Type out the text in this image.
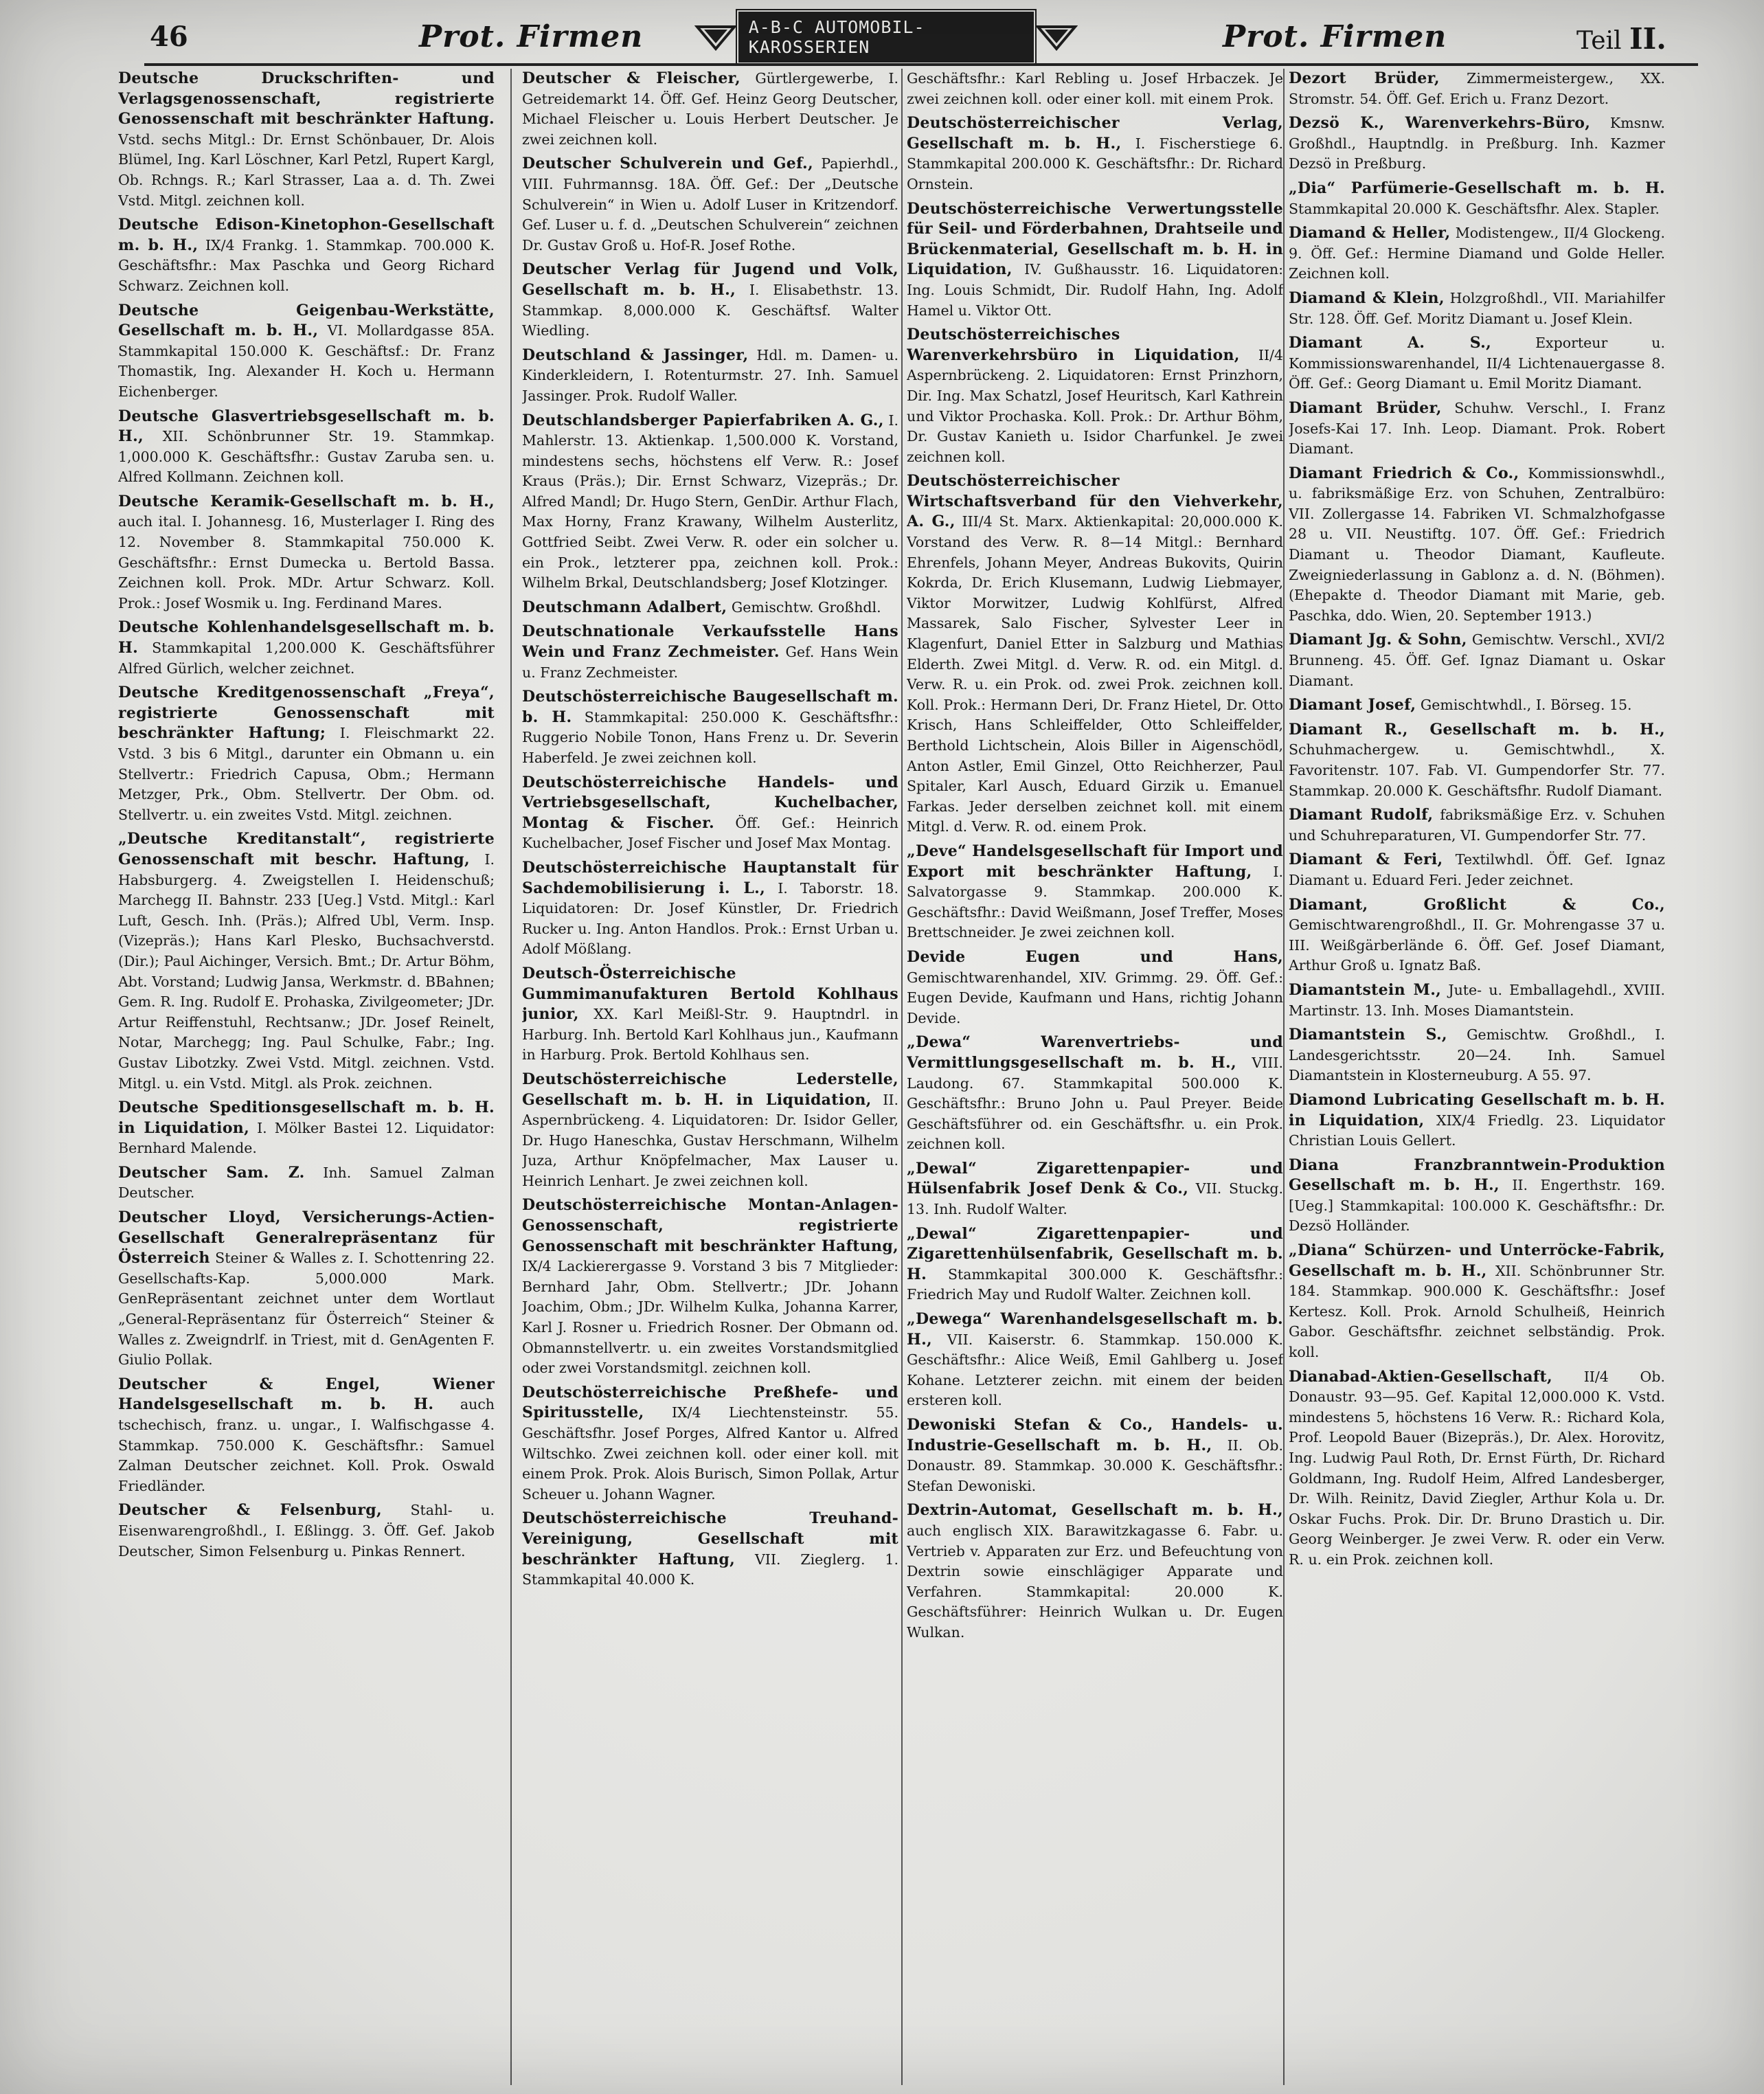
46	Prot. Firmen	A-B-C AUTOMOBIL-KAROSSERIEN	Prot. Firmen	Teil II.

Deutsche Druckschriften- und Verlagsgenossenschaft, registrierte Genossenschaft mit beschränkter Haftung. Vstd. sechs Mitgl.: Dr. Ernst Schönbauer, Dr. Alois Blümel, Ing. Karl Löschner, Karl Petzl, Rupert Kargl, Ob. Rchngs. R.; Karl Strasser, Laa a. d. Th. Zwei Vstd. Mitgl. zeichnen koll.

Deutsche Edison-Kinetophon-Gesellschaft m. b. H., IX/4 Frankg. 1. Stammkap. 700.000 K. Geschäftsfhr.: Max Paschka und Georg Richard Schwarz. Zeichnen koll.

Deutsche Geigenbau-Werkstätte, Gesellschaft m. b. H., VI. Mollardgasse 85A. Stammkapital 150.000 K. Geschäftsf.: Dr. Franz Thomastik, Ing. Alexander H. Koch u. Hermann Eichenberger.

Deutsche Glasvertriebsgesellschaft m. b. H., XII. Schönbrunner Str. 19. Stammkap. 1,000.000 K. Geschäftsfhr.: Gustav Zaruba sen. u. Alfred Kollmann. Zeichnen koll.

Deutsche Keramik-Gesellschaft m. b. H., auch ital. I. Johannesg. 16, Musterlager I. Ring des 12. November 8. Stammkapital 750.000 K. Geschäftsfhr.: Ernst Dumecka u. Bertold Bassa. Zeichnen koll. Prok. MDr. Artur Schwarz. Koll. Prok.: Josef Wosmik u. Ing. Ferdinand Mares.

Deutsche Kohlenhandelsgesellschaft m. b. H. Stammkapital 1,200.000 K. Geschäftsführer Alfred Gürlich, welcher zeichnet.

Deutsche Kreditgenossenschaft „Freya“, registrierte Genossenschaft mit beschränkter Haftung; I. Fleischmarkt 22. Vstd. 3 bis 6 Mitgl., darunter ein Obmann u. ein Stellvertr.: Friedrich Capusa, Obm.; Hermann Metzger, Prk., Obm. Stellvertr. Der Obm. od. Stellvertr. u. ein zweites Vstd. Mitgl. zeichnen.

„Deutsche Kreditanstalt“, registrierte Genossenschaft mit beschr. Haftung, I. Habsburgerg. 4. Zweigstellen I. Heidenschuß; Marchegg II. Bahnstr. 233 [Ueg.] Vstd. Mitgl.: Karl Luft, Gesch. Inh. (Präs.); Alfred Ubl, Verm. Insp. (Vizepräs.); Hans Karl Plesko, Buchsachverstd. (Dir.); Paul Aichinger, Versich. Bmt.; Dr. Artur Böhm, Abt. Vorstand; Ludwig Jansa, Werkmstr. d. BBahnen; Gem. R. Ing. Rudolf E. Prohaska, Zivilgeometer; JDr. Artur Reiffenstuhl, Rechtsanw.; JDr. Josef Reinelt, Notar, Marchegg; Ing. Paul Schulke, Fabr.; Ing. Gustav Libotzky. Zwei Vstd. Mitgl. zeichnen. Vstd. Mitgl. u. ein Vstd. Mitgl. als Prok. zeichnen.

Deutsche Speditionsgesellschaft m. b. H. in Liquidation, I. Mölker Bastei 12. Liquidator: Bernhard Malende.

Deutscher Sam. Z. Inh. Samuel Zalman Deutscher.

Deutscher Lloyd, Versicherungs-Actien-Gesellschaft Generalrepräsentanz für Österreich Steiner & Walles z. I. Schottenring 22. Gesellschafts-Kap. 5,000.000 Mark. GenRepräsentant zeichnet unter dem Wortlaut „General-Repräsentanz für Österreich“ Steiner & Walles z. Zweigndrlf. in Triest, mit d. GenAgenten F. Giulio Pollak.

Deutscher & Engel, Wiener Handelsgesellschaft m. b. H. auch tschechisch, franz. u. ungar., I. Walfischgasse 4. Stammkap. 750.000 K. Geschäftsfhr.: Samuel Zalman Deutscher zeichnet. Koll. Prok. Oswald Friedländer.

Deutscher & Felsenburg, Stahl- u. Eisenwarengroßhdl., I. Eßlingg. 3. Öff. Gef. Jakob Deutscher, Simon Felsenburg u. Pinkas Rennert.

Deutscher & Fleischer, Gürtlergewerbe, I. Getreidemarkt 14. Öff. Gef. Heinz Georg Deutscher, Michael Fleischer u. Louis Herbert Deutscher. Je zwei zeichnen koll.

Deutscher Schulverein und Gef., Papierhdl., VIII. Fuhrmannsg. 18A. Öff. Gef.: Der „Deutsche Schulverein“ in Wien u. Adolf Luser in Kritzendorf. Gef. Luser u. f. d. „Deutschen Schulverein“ zeichnen Dr. Gustav Groß u. Hof-R. Josef Rothe.

Deutscher Verlag für Jugend und Volk, Gesellschaft m. b. H., I. Elisabethstr. 13. Stammkap. 8,000.000 K. Geschäftsf. Walter Wiedling.

Deutschland & Jassinger, Hdl. m. Damen- u. Kinderkleidern, I. Rotenturmstr. 27. Inh. Samuel Jassinger. Prok. Rudolf Waller.

Deutschlandsberger Papierfabriken A. G., I. Mahlerstr. 13. Aktienkap. 1,500.000 K. Vorstand, mindestens sechs, höchstens elf Verw. R.: Josef Kraus (Präs.); Dir. Ernst Schwarz, Vizepräs.; Dr. Alfred Mandl; Dr. Hugo Stern, GenDir. Arthur Flach, Max Horny, Franz Krawany, Wilhelm Austerlitz, Gottfried Seibt. Zwei Verw. R. oder ein solcher u. ein Prok., letzterer ppa, zeichnen koll. Prok.: Wilhelm Brkal, Deutschlandsberg; Josef Klotzinger.

Deutschmann Adalbert, Gemischtw. Großhdl.

Deutschnationale Verkaufsstelle Hans Wein und Franz Zechmeister. Gef. Hans Wein u. Franz Zechmeister.

Deutschösterreichische Baugesellschaft m. b. H. Stammkapital: 250.000 K. Geschäftsfhr.: Ruggerio Nobile Tonon, Hans Frenz u. Dr. Severin Haberfeld. Je zwei zeichnen koll.

Deutschösterreichische Handels- und Vertriebsgesellschaft, Kuchelbacher, Montag & Fischer. Öff. Gef.: Heinrich Kuchelbacher, Josef Fischer und Josef Max Montag.

Deutschösterreichische Hauptanstalt für Sachdemobilisierung i. L., I. Taborstr. 18. Liquidatoren: Dr. Josef Künstler, Dr. Friedrich Rucker u. Ing. Anton Handlos. Prok.: Ernst Urban u. Adolf Mößlang.

Deutsch-Österreichische Gummimanufakturen Bertold Kohlhaus junior, XX. Karl Meißl-Str. 9. Hauptndrl. in Harburg. Inh. Bertold Karl Kohlhaus jun., Kaufmann in Harburg. Prok. Bertold Kohlhaus sen.

Deutschösterreichische Lederstelle, Gesellschaft m. b. H. in Liquidation, II. Aspernbrückeng. 4. Liquidatoren: Dr. Isidor Geller, Dr. Hugo Haneschka, Gustav Herschmann, Wilhelm Juza, Arthur Knöpfelmacher, Max Lauser u. Heinrich Lenhart. Je zwei zeichnen koll.

Deutschösterreichische Montan-Anlagen-Genossenschaft, registrierte Genossenschaft mit beschränkter Haftung, IX/4 Lackierergasse 9. Vorstand 3 bis 7 Mitglieder: Bernhard Jahr, Obm. Stellvertr.; JDr. Johann Joachim, Obm.; JDr. Wilhelm Kulka, Johanna Karrer, Karl J. Rosner u. Friedrich Rosner. Der Obmann od. Obmannstellvertr. u. ein zweites Vorstandsmitglied oder zwei Vorstandsmitgl. zeichnen koll.

Deutschösterreichische Preßhefe- und Spiritusstelle, IX/4 Liechtensteinstr. 55. Geschäftsfhr. Josef Porges, Alfred Kantor u. Alfred Wiltschko. Zwei zeichnen koll. oder einer koll. mit einem Prok. Prok. Alois Burisch, Simon Pollak, Artur Scheuer u. Johann Wagner.

Deutschösterreichische Treuhand-Vereinigung, Gesellschaft mit beschränkter Haftung, VII. Zieglerg. 1. Stammkapital 40.000 K.

Geschäftsfhr.: Karl Rebling u. Josef Hrbaczek. Je zwei zeichnen koll. oder einer koll. mit einem Prok.

Deutschösterreichischer Verlag, Gesellschaft m. b. H., I. Fischerstiege 6. Stammkapital 200.000 K. Geschäftsfhr.: Dr. Richard Ornstein.

Deutschösterreichische Verwertungsstelle für Seil- und Förderbahnen, Drahtseile und Brückenmaterial, Gesellschaft m. b. H. in Liquidation, IV. Gußhausstr. 16. Liquidatoren: Ing. Louis Schmidt, Dir. Rudolf Hahn, Ing. Adolf Hamel u. Viktor Ott.

Deutschösterreichisches Warenverkehrsbüro in Liquidation, II/4 Aspernbrückeng. 2. Liquidatoren: Ernst Prinzhorn, Dir. Ing. Max Schatzl, Josef Heuritsch, Karl Kathrein und Viktor Prochaska. Koll. Prok.: Dr. Arthur Böhm, Dr. Gustav Kanieth u. Isidor Charfunkel. Je zwei zeichnen koll.

Deutschösterreichischer Wirtschaftsverband für den Viehverkehr, A. G., III/4 St. Marx. Aktienkapital: 20,000.000 K. Vorstand des Verw. R. 8—14 Mitgl.: Bernhard Ehrenfels, Johann Meyer, Andreas Bukovits, Quirin Kokrda, Dr. Erich Klusemann, Ludwig Liebmayer, Viktor Morwitzer, Ludwig Kohlfürst, Alfred Massarek, Salo Fischer, Sylvester Leer in Klagenfurt, Daniel Etter in Salzburg und Mathias Elderth. Zwei Mitgl. d. Verw. R. od. ein Mitgl. d. Verw. R. u. ein Prok. od. zwei Prok. zeichnen koll. Koll. Prok.: Hermann Deri, Dr. Franz Hietel, Dr. Otto Krisch, Hans Schleiffelder, Otto Schleiffelder, Berthold Lichtschein, Alois Biller in Aigenschödl, Anton Astler, Emil Ginzel, Otto Reichherzer, Paul Spitaler, Karl Ausch, Eduard Girzik u. Emanuel Farkas. Jeder derselben zeichnet koll. mit einem Mitgl. d. Verw. R. od. einem Prok.

„Deve“ Handelsgesellschaft für Import und Export mit beschränkter Haftung, I. Salvatorgasse 9. Stammkap. 200.000 K. Geschäftsfhr.: David Weißmann, Josef Treffer, Moses Brettschneider. Je zwei zeichnen koll.

Devide Eugen und Hans, Gemischtwarenhandel, XIV. Grimmg. 29. Öff. Gef.: Eugen Devide, Kaufmann und Hans, richtig Johann Devide.

„Dewa“ Warenvertriebs- und Vermittlungsgesellschaft m. b. H., VIII. Laudong. 67. Stammkapital 500.000 K. Geschäftsfhr.: Bruno John u. Paul Preyer. Beide Geschäftsführer od. ein Geschäftsfhr. u. ein Prok. zeichnen koll.

„Dewal“ Zigarettenpapier- und Hülsenfabrik Josef Denk & Co., VII. Stuckg. 13. Inh. Rudolf Walter.

„Dewal“ Zigarettenpapier- und Zigarettenhülsenfabrik, Gesellschaft m. b. H. Stammkapital 300.000 K. Geschäftsfhr.: Friedrich May und Rudolf Walter. Zeichnen koll.

„Dewega“ Warenhandelsgesellschaft m. b. H., VII. Kaiserstr. 6. Stammkap. 150.000 K. Geschäftsfhr.: Alice Weiß, Emil Gahlberg u. Josef Kohane. Letzterer zeichn. mit einem der beiden ersteren koll.

Dewoniski Stefan & Co., Handels- u. Industrie-Gesellschaft m. b. H., II. Ob. Donaustr. 89. Stammkap. 30.000 K. Geschäftsfhr.: Stefan Dewoniski.

Dextrin-Automat, Gesellschaft m. b. H., auch englisch XIX. Barawitzkagasse 6. Fabr. u. Vertrieb v. Apparaten zur Erz. und Befeuchtung von Dextrin sowie einschlägiger Apparate und Verfahren. Stammkapital: 20.000 K. Geschäftsführer: Heinrich Wulkan u. Dr. Eugen Wulkan.

Dezort Brüder, Zimmermeistergew., XX. Stromstr. 54. Öff. Gef. Erich u. Franz Dezort.

Dezsö K., Warenverkehrs-Büro, Kmsnw. Großhdl., Hauptndlg. in Preßburg. Inh. Kazmer Dezsö in Preßburg.

„Dia“ Parfümerie-Gesellschaft m. b. H. Stammkapital 20.000 K. Geschäftsfhr. Alex. Stapler.

Diamand & Heller, Modistengew., II/4 Glockeng. 9. Öff. Gef.: Hermine Diamand und Golde Heller. Zeichnen koll.

Diamand & Klein, Holzgroßhdl., VII. Mariahilfer Str. 128. Öff. Gef. Moritz Diamant u. Josef Klein.

Diamant A. S.,	Exporteur u. Kommissionswarenhandel, II/4 Lichtenauergasse 8. Öff. Gef.: Georg Diamant u. Emil Moritz Diamant.

Diamant Brüder, Schuhw. Verschl., I. Franz Josefs-Kai 17. Inh. Leop. Diamant. Prok. Robert Diamant.

Diamant Friedrich & Co., Kommissionswhdl., u. fabriksmäßige Erz. von Schuhen, Zentralbüro: VII. Zollergasse 14. Fabriken VI. Schmalzhofgasse 28 u. VII. Neustiftg. 107. Öff. Gef.: Friedrich Diamant u. Theodor Diamant, Kaufleute. Zweigniederlassung in Gablonz a. d. N. (Böhmen). (Ehepakte d. Theodor Diamant mit Marie, geb. Paschka, ddo. Wien, 20. September 1913.)

Diamant Jg. & Sohn, Gemischtw. Verschl., XVI/2 Brunneng. 45. Öff. Gef. Ignaz Diamant u. Oskar Diamant.

Diamant Josef, Gemischtwhdl., I. Börseg. 15.

Diamant R., Gesellschaft m. b. H., Schuhmachergew. u. Gemischtwhdl., X. Favoritenstr. 107. Fab. VI. Gumpendorfer Str. 77. Stammkap. 20.000 K. Geschäftsfhr. Rudolf Diamant.

Diamant Rudolf, fabriksmäßige Erz. v. Schuhen und Schuhreparaturen, VI. Gumpendorfer Str. 77.

Diamant & Feri, Textilwhdl. Öff. Gef. Ignaz Diamant u. Eduard Feri. Jeder zeichnet.

Diamant, Großlicht & Co., Gemischtwarengroßhdl., II. Gr. Mohrengasse 37 u. III. Weißgärberlände 6. Öff. Gef. Josef Diamant, Arthur Groß u. Ignatz Baß.

Diamantstein M., Jute- u. Emballagehdl., XVIII. Martinstr. 13. Inh. Moses Diamantstein.

Diamantstein S., Gemischtw. Großhdl., I. Landesgerichtsstr. 20—24. Inh. Samuel Diamantstein in Klosterneuburg. A 55. 97.

Diamond Lubricating Gesellschaft m. b. H. in Liquidation, XIX/4 Friedlg. 23. Liquidator Christian Louis Gellert.

Diana Franzbranntwein-Produktion Gesellschaft m. b. H., II. Engerthstr. 169. [Ueg.] Stammkapital: 100.000 K. Geschäftsfhr.: Dr. Dezsö Holländer.

„Diana“ Schürzen- und Unterröcke-Fabrik, Gesellschaft m. b. H., XII. Schönbrunner Str. 184. Stammkap. 900.000 K. Geschäftsfhr.: Josef Kertesz. Koll. Prok. Arnold Schulheiß, Heinrich Gabor. Geschäftsfhr. zeichnet selbständig. Prok. koll.

Dianabad-Aktien-Gesellschaft, II/4 Ob. Donaustr. 93—95. Gef. Kapital 12,000.000 K. Vstd. mindestens 5, höchstens 16 Verw. R.: Richard Kola, Prof. Leopold Bauer (Bizepräs.), Dr. Alex. Horovitz, Ing. Ludwig Paul Roth, Dr. Ernst Fürth, Dr. Richard Goldmann, Ing. Rudolf Heim, Alfred Landesberger, Dr. Wilh. Reinitz, David Ziegler, Arthur Kola u. Dr. Oskar Fuchs. Prok. Dir. Dr. Bruno Drastich u. Dir. Georg Weinberger. Je zwei Verw. R. oder ein Verw. R. u. ein Prok. zeichnen koll.
